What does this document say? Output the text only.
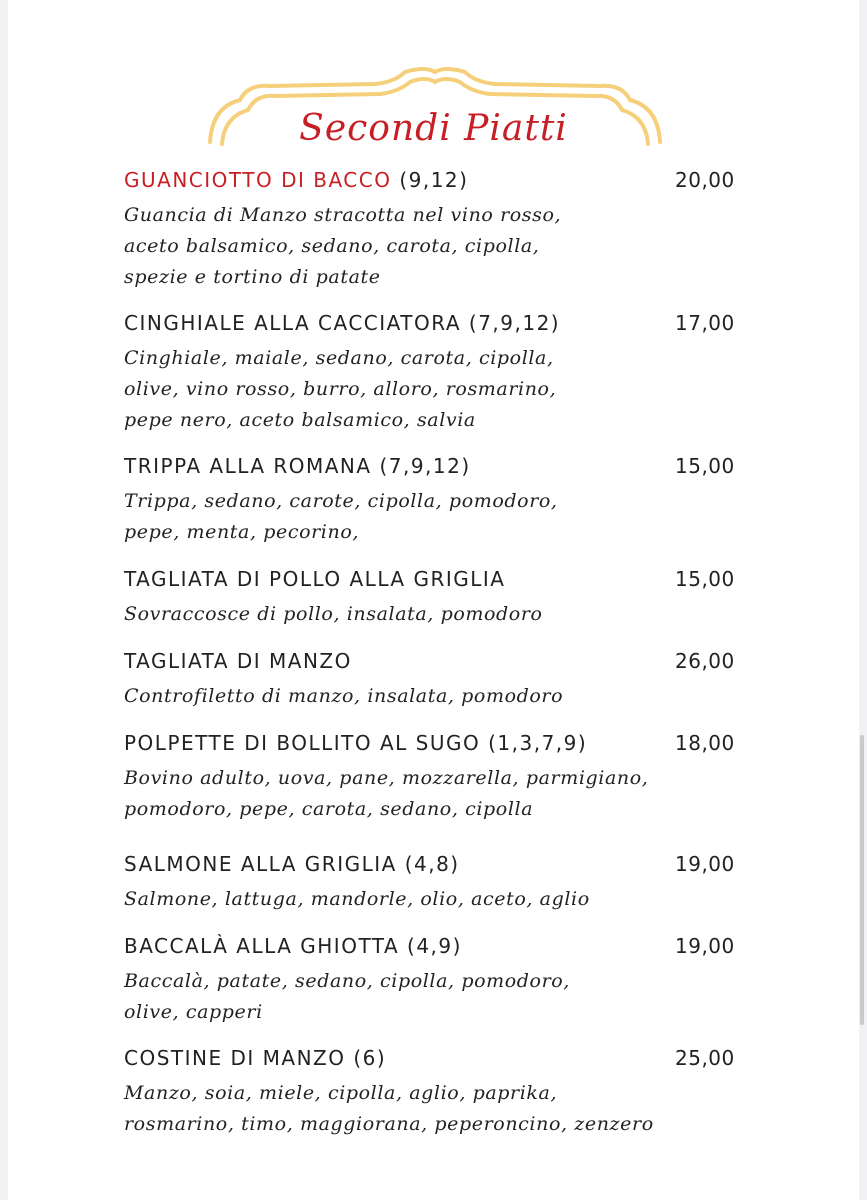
Secondi Piatti
GUANCIOTTO DI BACCO (9,12)	20,00
Guancia di Manzo stracotta nel vino rosso,
aceto balsamico, sedano, carota, cipolla,
spezie e tortino di patate
CINGHIALE ALLA CACCIATORA (7,9,12)	17,00
Cinghiale, maiale, sedano, carota, cipolla,
olive, vino rosso, burro, alloro, rosmarino,
pepe nero, aceto balsamico, salvia
TRIPPA ALLA ROMANA (7,9,12)	15,00
Trippa, sedano, carote, cipolla, pomodoro,
pepe, menta, pecorino,
TAGLIATA DI POLLO ALLA GRIGLIA	15,00
Sovraccosce di pollo, insalata, pomodoro
TAGLIATA DI MANZO	26,00
Controfiletto di manzo, insalata, pomodoro
POLPETTE DI BOLLITO AL SUGO (1,3,7,9)	18,00
Bovino adulto, uova, pane, mozzarella, parmigiano,
pomodoro, pepe, carota, sedano, cipolla
SALMONE ALLA GRIGLIA (4,8)	19,00
Salmone, lattuga, mandorle, olio, aceto, aglio
BACCALÀ ALLA GHIOTTA (4,9)	19,00
Baccalà, patate, sedano, cipolla, pomodoro,
olive, capperi
COSTINE DI MANZO (6)	25,00
Manzo, soia, miele, cipolla, aglio, paprika,
rosmarino, timo, maggiorana, peperoncino, zenzero
